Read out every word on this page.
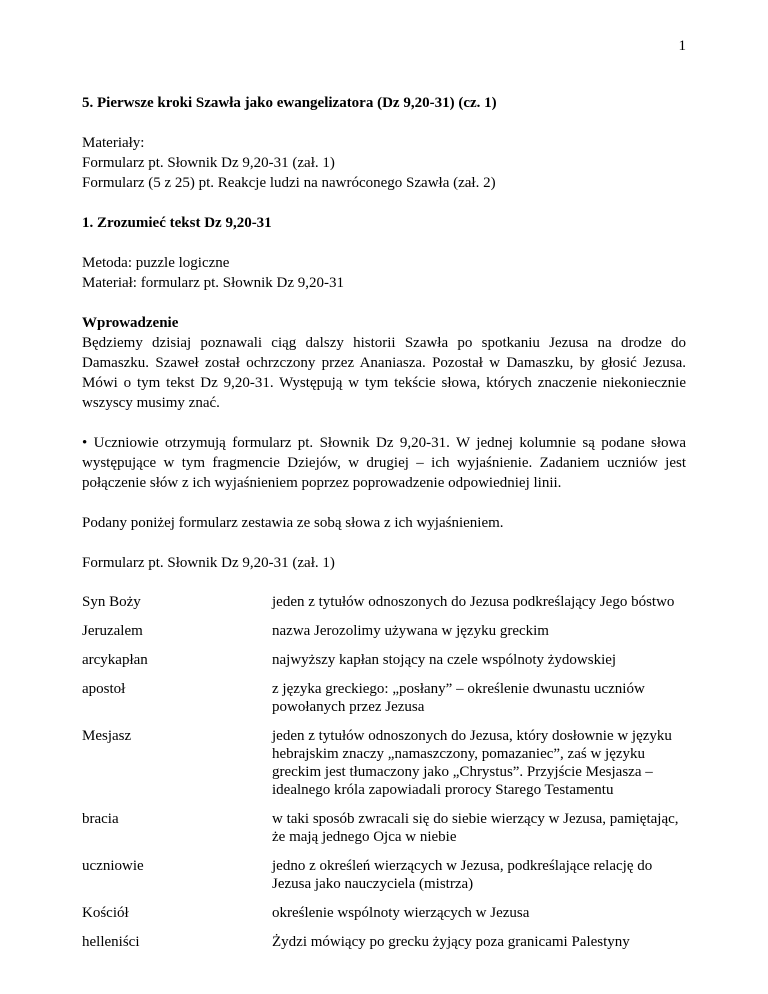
1

5. Pierwsze kroki Szawła jako ewangelizatora (Dz 9,20-31) (cz. 1)

Materiały:
Formularz pt. Słownik Dz 9,20-31 (zał. 1)
Formularz (5 z 25) pt. Reakcje ludzi na nawróconego Szawła (zał. 2)

1. Zrozumieć tekst Dz 9,20-31

Metoda: puzzle logiczne
Materiał: formularz pt. Słownik Dz 9,20-31
Wprowadzenie
Będziemy dzisiaj poznawali ciąg dalszy historii Szawła po spotkaniu Jezusa na drodze do Damaszku. Szaweł został ochrzczony przez Ananiasza. Pozostał w Damaszku, by głosić Jezusa. Mówi o tym tekst Dz 9,20-31. Występują w tym tekście słowa, których znaczenie niekoniecznie wszyscy musimy znać.
• Uczniowie otrzymują formularz pt. Słownik Dz 9,20-31. W jednej kolumnie są podane słowa występujące w tym fragmencie Dziejów, w drugiej – ich wyjaśnienie. Zadaniem uczniów jest połączenie słów z ich wyjaśnieniem poprzez poprowadzenie odpowiedniej linii.
Podany poniżej formularz zestawia ze sobą słowa z ich wyjaśnieniem.
Formularz pt. Słownik Dz 9,20-31 (zał. 1)
Syn Boży	jeden z tytułów odnoszonych do Jezusa podkreślający Jego bóstwo
Jeruzalem	nazwa Jerozolimy używana w języku greckim
arcykapłan	najwyższy kapłan stojący na czele wspólnoty żydowskiej
apostoł	z języka greckiego: „posłany” – określenie dwunastu uczniów powołanych przez Jezusa
Mesjasz	jeden z tytułów odnoszonych do Jezusa, który dosłownie w języku hebrajskim znaczy „namaszczony, pomazaniec”, zaś w języku greckim jest tłumaczony jako „Chrystus”. Przyjście Mesjasza – idealnego króla zapowiadali prorocy Starego Testamentu
bracia	w taki sposób zwracali się do siebie wierzący w Jezusa, pamiętając, że mają jednego Ojca w niebie
uczniowie	jedno z określeń wierzących w Jezusa, podkreślające relację do Jezusa jako nauczyciela (mistrza)
Kościół	określenie wspólnoty wierzących w Jezusa
helleniści	Żydzi mówiący po grecku żyjący poza granicami Palestyny
